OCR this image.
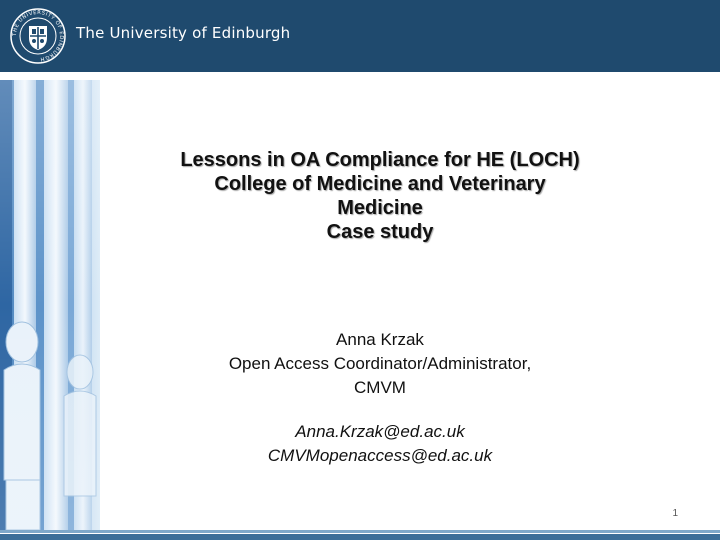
THE UNIVERSITY OF EDINBURGH
The University of Edinburgh
Lessons in OA Compliance for HE (LOCH)
College of Medicine and Veterinary
Medicine
Case study
Anna Krzak
Open Access Coordinator/Administrator,
CMVM
Anna.Krzak@ed.ac.uk
CMVMopenaccess@ed.ac.uk
1
